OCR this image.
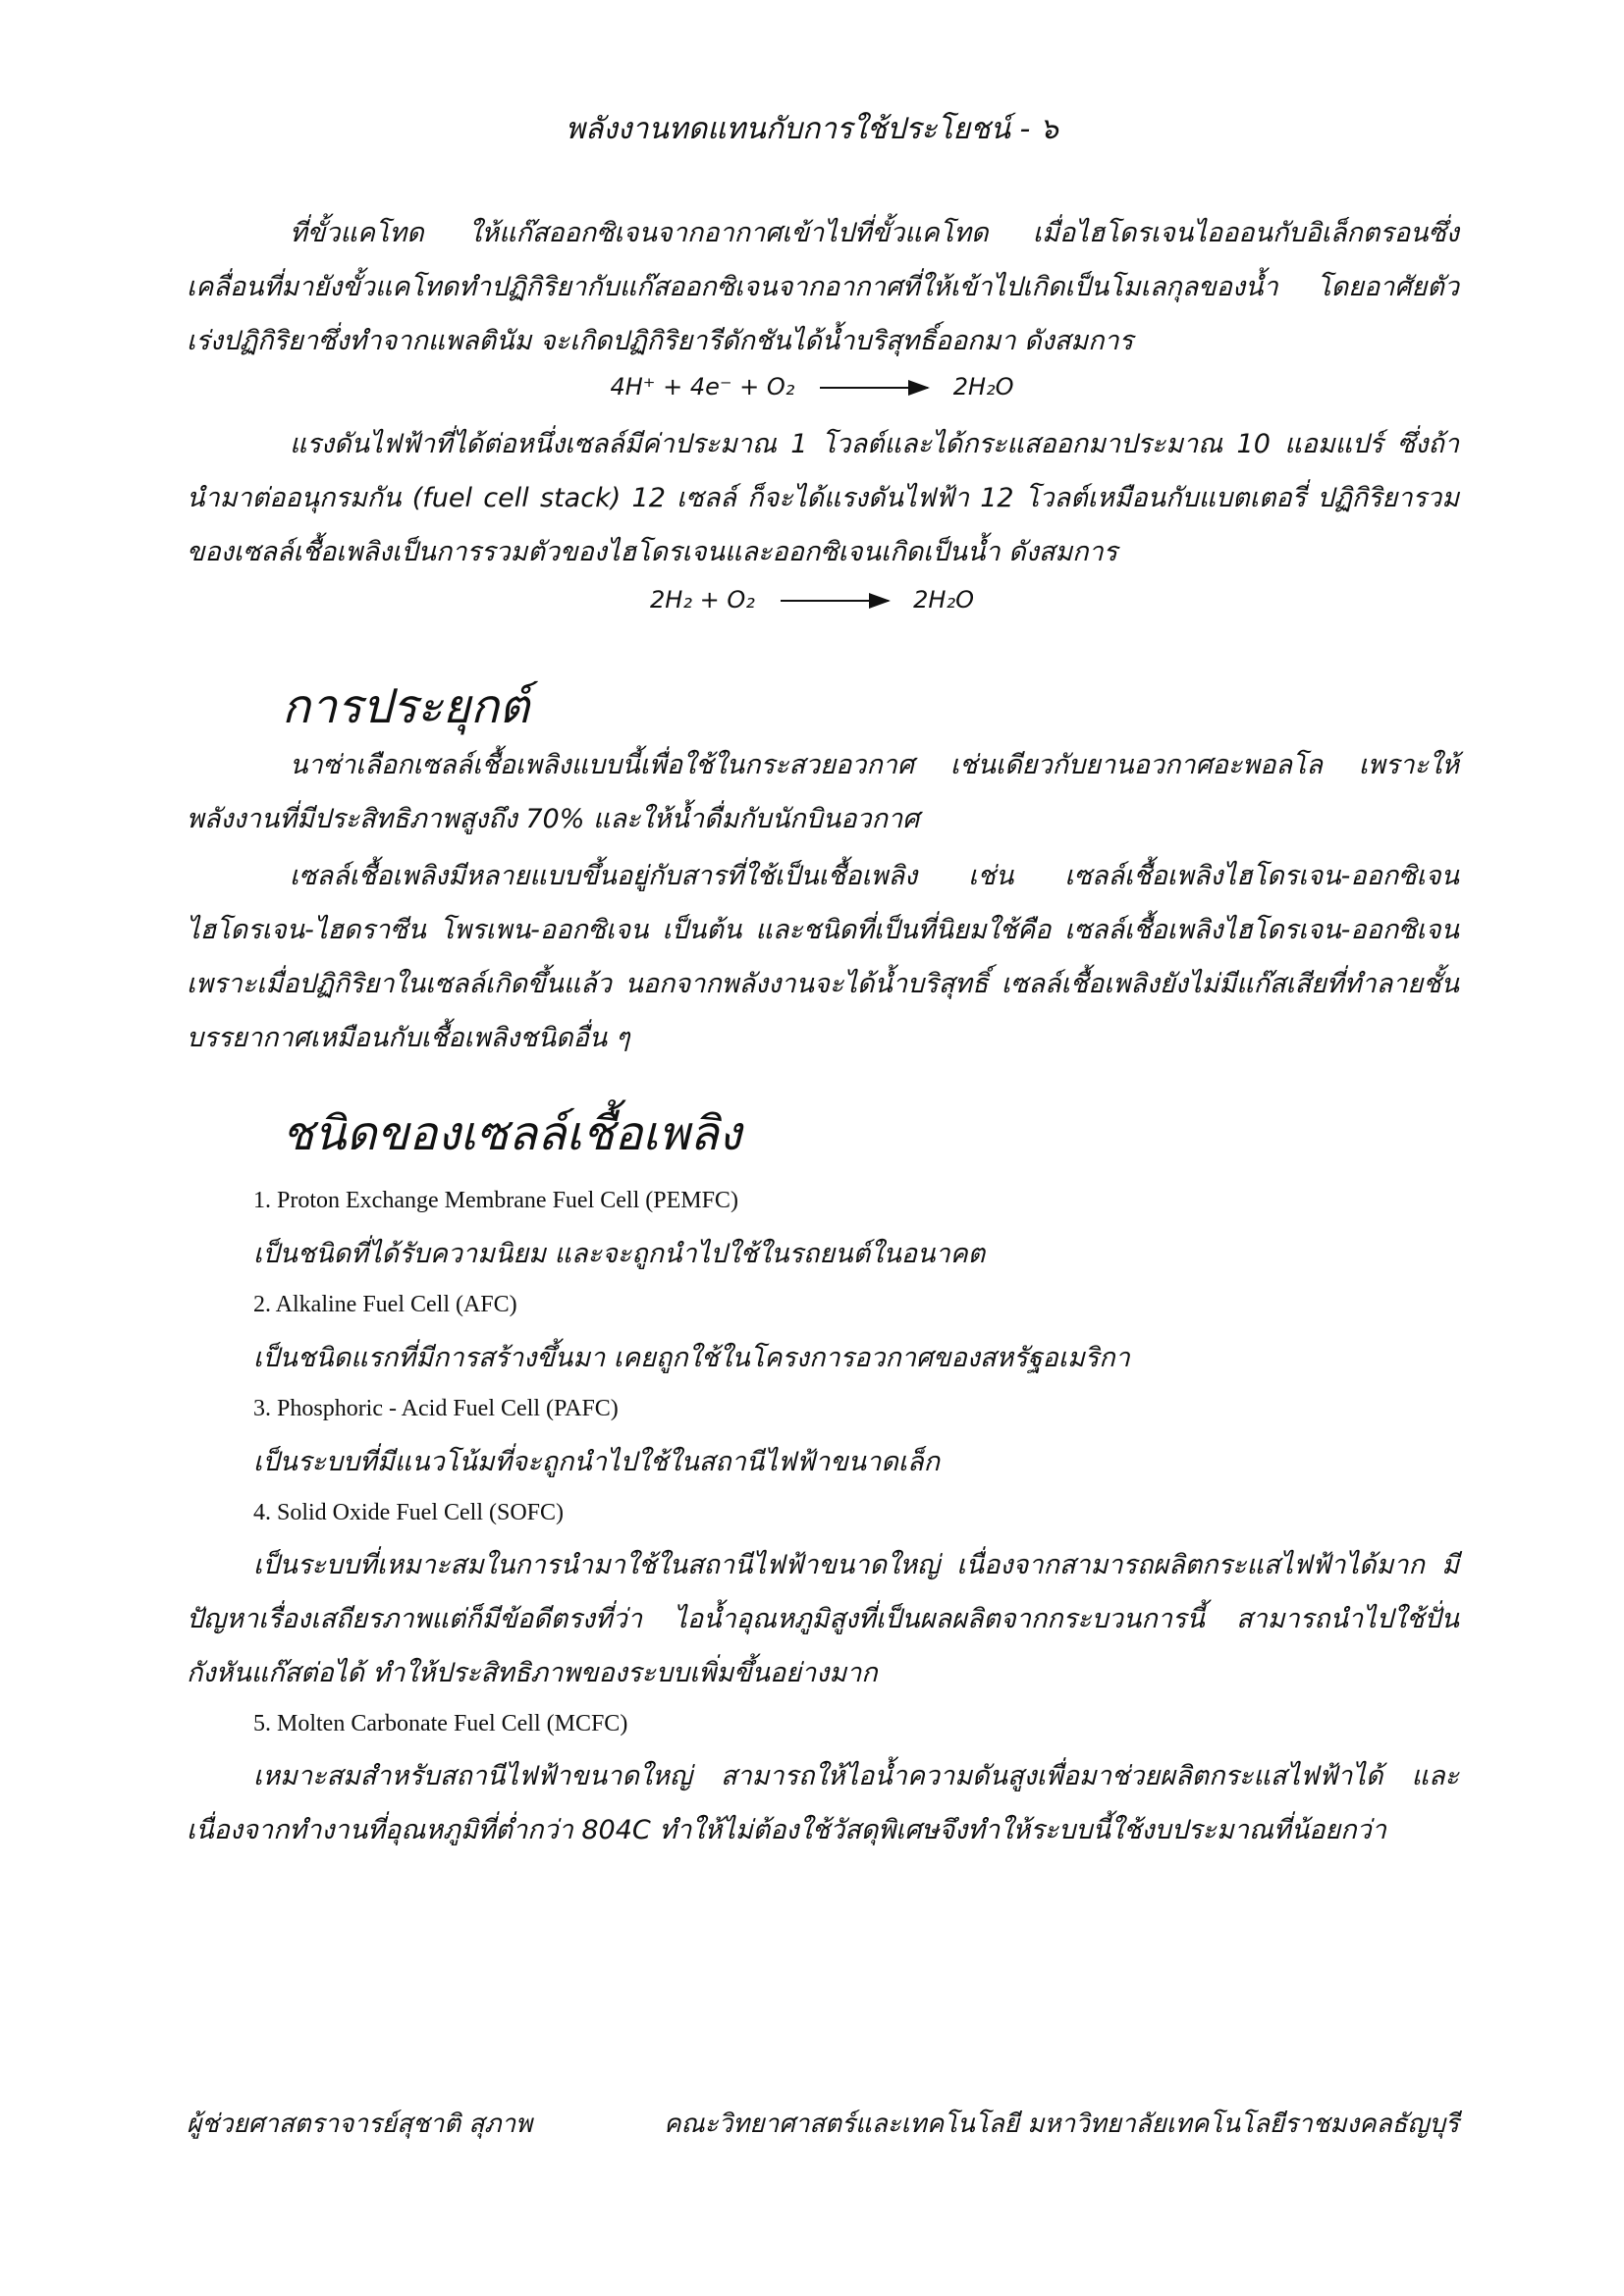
พลังงานทดแทนกับการใช้ประโยชน์ - ๖
ที่ขั้วแคโทด ให้แก๊สออกซิเจนจากอากาศเข้าไปที่ขั้วแคโทด เมื่อไฮโดรเจนไอออนกับอิเล็กตรอนซึ่งเคลื่อนที่มายังขั้วแคโทดทำปฏิกิริยากับแก๊สออกซิเจนจากอากาศที่ให้เข้าไปเกิดเป็นโมเลกุลของน้ำ โดยอาศัยตัวเร่งปฏิกิริยาซึ่งทำจากแพลตินัม จะเกิดปฏิกิริยารีดักชันได้น้ำบริสุทธิ์ออกมา ดังสมการ
4H⁺ + 4e⁻ + O₂	2H₂O
แรงดันไฟฟ้าที่ได้ต่อหนึ่งเซลล์มีค่าประมาณ 1 โวลต์และได้กระแสออกมาประมาณ 10 แอมแปร์ ซึ่งถ้านำมาต่ออนุกรมกัน (fuel cell stack) 12 เซลล์ ก็จะได้แรงดันไฟฟ้า 12 โวลต์เหมือนกับแบตเตอรี่ ปฏิกิริยารวมของเซลล์เชื้อเพลิงเป็นการรวมตัวของไฮโดรเจนและออกซิเจนเกิดเป็นน้ำ ดังสมการ
2H₂ + O₂	2H₂O
การประยุกต์
นาซ่าเลือกเซลล์เชื้อเพลิงแบบนี้เพื่อใช้ในกระสวยอวกาศ เช่นเดียวกับยานอวกาศอะพอลโล เพราะให้พลังงานที่มีประสิทธิภาพสูงถึง 70% และให้น้ำดื่มกับนักบินอวกาศ
เซลล์เชื้อเพลิงมีหลายแบบขึ้นอยู่กับสารที่ใช้เป็นเชื้อเพลิง เช่น เซลล์เชื้อเพลิงไฮโดรเจน-ออกซิเจน ไฮโดรเจน-ไฮดราซีน โพรเพน-ออกซิเจน เป็นต้น และชนิดที่เป็นที่นิยมใช้คือ เซลล์เชื้อเพลิงไฮโดรเจน-ออกซิเจน เพราะเมื่อปฏิกิริยาในเซลล์เกิดขึ้นแล้ว นอกจากพลังงานจะได้น้ำบริสุทธิ์ เซลล์เชื้อเพลิงยังไม่มีแก๊สเสียที่ทำลายชั้นบรรยากาศเหมือนกับเชื้อเพลิงชนิดอื่น ๆ
ชนิดของเซลล์เชื้อเพลิง
1. Proton Exchange Membrane Fuel Cell (PEMFC)
เป็นชนิดที่ได้รับความนิยม และจะถูกนำไปใช้ในรถยนต์ในอนาคต
2. Alkaline Fuel Cell (AFC)
เป็นชนิดแรกที่มีการสร้างขึ้นมา เคยถูกใช้ในโครงการอวกาศของสหรัฐอเมริกา
3. Phosphoric - Acid Fuel Cell (PAFC)
เป็นระบบที่มีแนวโน้มที่จะถูกนำไปใช้ในสถานีไฟฟ้าขนาดเล็ก
4. Solid Oxide Fuel Cell (SOFC)
เป็นระบบที่เหมาะสมในการนำมาใช้ในสถานีไฟฟ้าขนาดใหญ่ เนื่องจากสามารถผลิตกระแสไฟฟ้าได้มาก มีปัญหาเรื่องเสถียรภาพแต่ก็มีข้อดีตรงที่ว่า ไอน้ำอุณหภูมิสูงที่เป็นผลผลิตจากกระบวนการนี้ สามารถนำไปใช้ปั่นกังหันแก๊สต่อได้ ทำให้ประสิทธิภาพของระบบเพิ่มขึ้นอย่างมาก
5. Molten Carbonate Fuel Cell (MCFC)
เหมาะสมสำหรับสถานีไฟฟ้าขนาดใหญ่ สามารถให้ไอน้ำความดันสูงเพื่อมาช่วยผลิตกระแสไฟฟ้าได้ และเนื่องจากทำงานที่อุณหภูมิที่ต่ำกว่า 804C ทำให้ไม่ต้องใช้วัสดุพิเศษจึงทำให้ระบบนี้ใช้งบประมาณที่น้อยกว่า
ผู้ช่วยศาสตราจารย์สุชาติ สุภาพ	คณะวิทยาศาสตร์และเทคโนโลยี มหาวิทยาลัยเทคโนโลยีราชมงคลธัญบุรี
